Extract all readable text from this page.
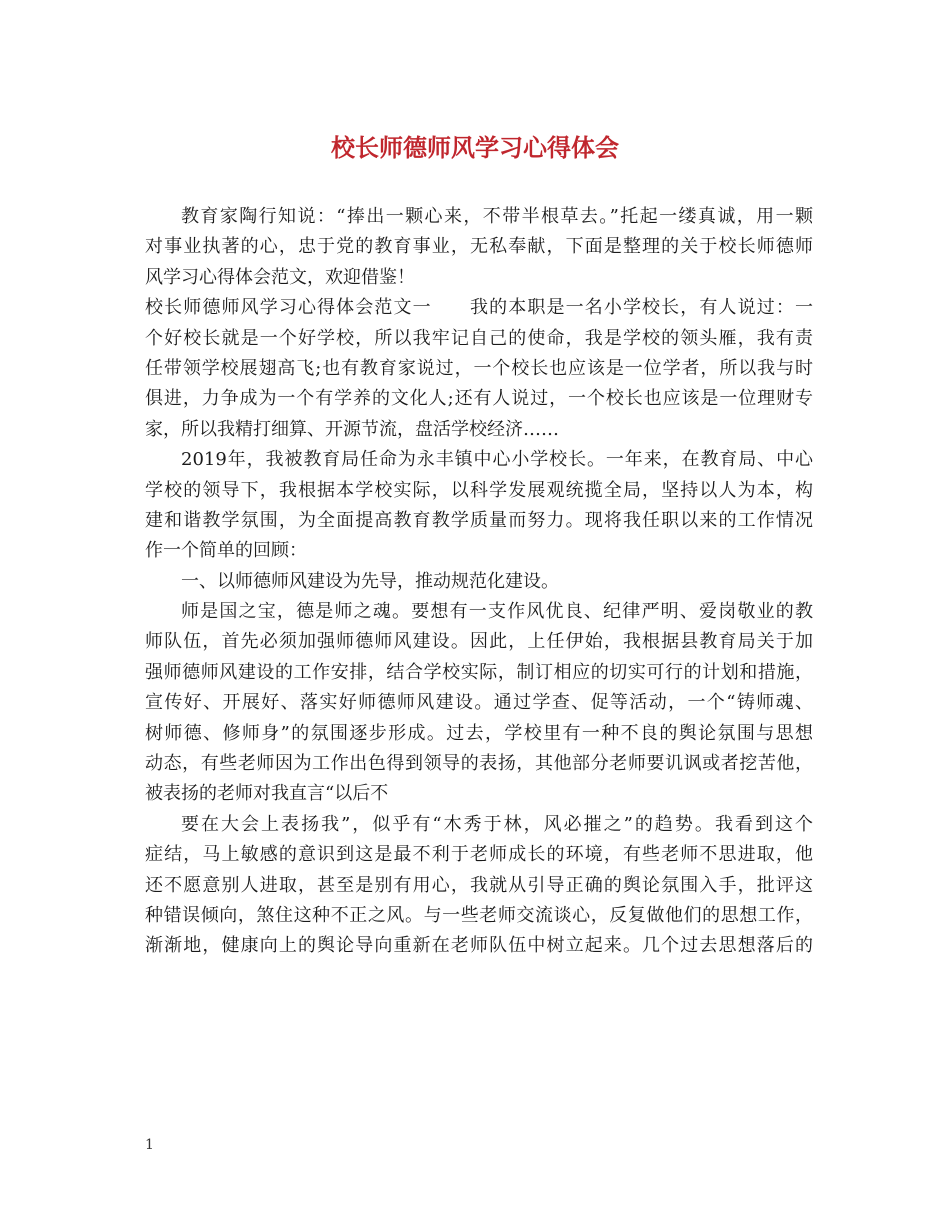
校长师德师风学习心得体会
教育家陶行知说：“捧出一颗心来，不带半根草去。”托起一缕真诚，用一颗
对事业执著的心，忠于党的教育事业，无私奉献，下面是整理的关于校长师德师
风学习心得体会范文，欢迎借鉴！
校长师德师风学习心得体会范文一　　我的本职是一名小学校长，有人说过：一
个好校长就是一个好学校，所以我牢记自己的使命，我是学校的领头雁，我有责
任带领学校展翅高飞;也有教育家说过，一个校长也应该是一位学者，所以我与时
俱进，力争成为一个有学养的文化人;还有人说过，一个校长也应该是一位理财专
家，所以我精打细算、开源节流，盘活学校经济……
2019年，我被教育局任命为永丰镇中心小学校长。一年来，在教育局、中心
学校的领导下，我根据本学校实际，以科学发展观统揽全局，坚持以人为本，构
建和谐教学氛围，为全面提高教育教学质量而努力。现将我任职以来的工作情况
作一个简单的回顾：
一、以师德师风建设为先导，推动规范化建设。
师是国之宝，德是师之魂。要想有一支作风优良、纪律严明、爱岗敬业的教
师队伍，首先必须加强师德师风建设。因此，上任伊始，我根据县教育局关于加
强师德师风建设的工作安排，结合学校实际，制订相应的切实可行的计划和措施，
宣传好、开展好、落实好师德师风建设。通过学查、促等活动，一个“铸师魂、
树师德、修师身”的氛围逐步形成。过去，学校里有一种不良的舆论氛围与思想
动态，有些老师因为工作出色得到领导的表扬，其他部分老师要讥讽或者挖苦他，
被表扬的老师对我直言“以后不
要在大会上表扬我”，似乎有“木秀于林，风必摧之”的趋势。我看到这个
症结，马上敏感的意识到这是最不利于老师成长的环境，有些老师不思进取，他
还不愿意别人进取，甚至是别有用心，我就从引导正确的舆论氛围入手，批评这
种错误倾向，煞住这种不正之风。与一些老师交流谈心，反复做他们的思想工作，
渐渐地，健康向上的舆论导向重新在老师队伍中树立起来。几个过去思想落后的
1
